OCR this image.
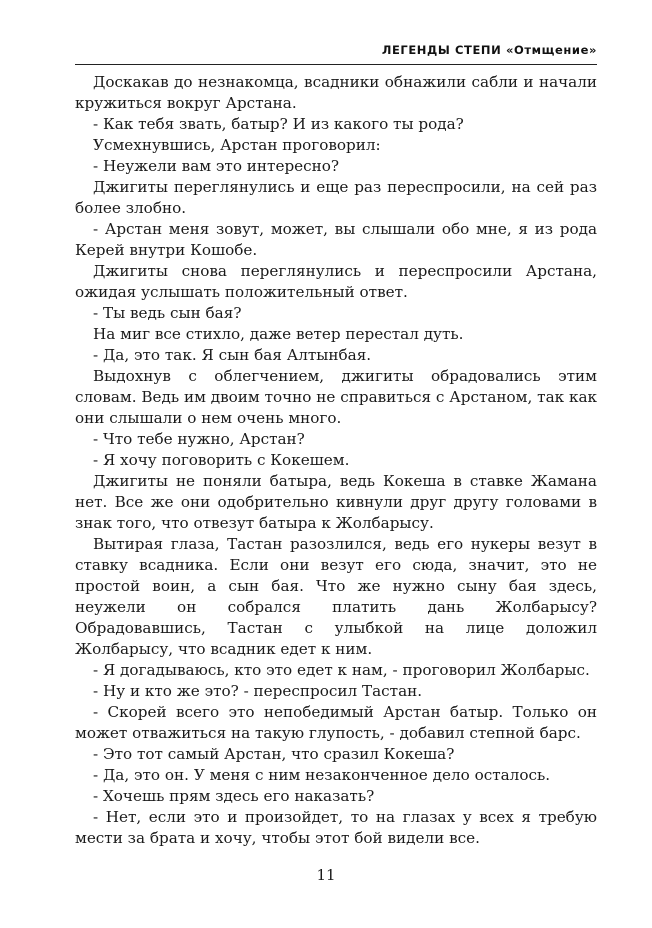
ЛЕГЕНДЫ СТЕПИ «Отмщение»

Доскакав до незнакомца, всадники обнажили сабли и начали кружиться вокруг Арстана.

- Как тебя звать, батыр? И из какого ты рода?

Усмехнувшись, Арстан проговорил:

- Неужели вам это интересно?

Джигиты переглянулись и еще раз переспросили, на сей раз более злобно.

- Арстан меня зовут, может, вы слышали обо мне, я из рода Керей внутри Кошобе.

Джигиты снова переглянулись и переспросили Арстана, ожидая услышать положительный ответ.

- Ты ведь сын бая?

На миг все стихло, даже ветер перестал дуть.

- Да, это так. Я сын бая Алтынбая.

Выдохнув с облегчением, джигиты обрадовались этим словам. Ведь им двоим точно не справиться с Арстаном, так как они слышали о нем очень много.

- Что тебе нужно, Арстан?

- Я хочу поговорить с Кокешем.

Джигиты не поняли батыра, ведь Кокеша в ставке Жамана нет. Все же они одобрительно кивнули друг другу головами в знак того, что отвезут батыра к Жолбарысу.

Вытирая глаза, Тастан разозлился, ведь его нукеры везут в ставку всадника. Если они везут его сюда, значит, это не простой воин, а сын бая. Что же нужно сыну бая здесь, неужели он собрался платить дань Жолбарысу? Обрадовавшись, Тастан с улыбкой на лице доложил Жолбарысу, что всадник едет к ним.

- Я догадываюсь, кто это едет к нам, - проговорил Жолбарыс.

- Ну и кто же это? - переспросил Тастан.

- Скорей всего это непобедимый Арстан батыр. Только он может отважиться на такую глупость, - добавил степной барс.

- Это тот самый Арстан, что сразил Кокеша?

- Да, это он. У меня с ним незаконченное дело осталось.

- Хочешь прям здесь его наказать?

- Нет, если это и произойдет, то на глазах у всех я требую мести за брата и хочу, чтобы этот бой видели все.

11
